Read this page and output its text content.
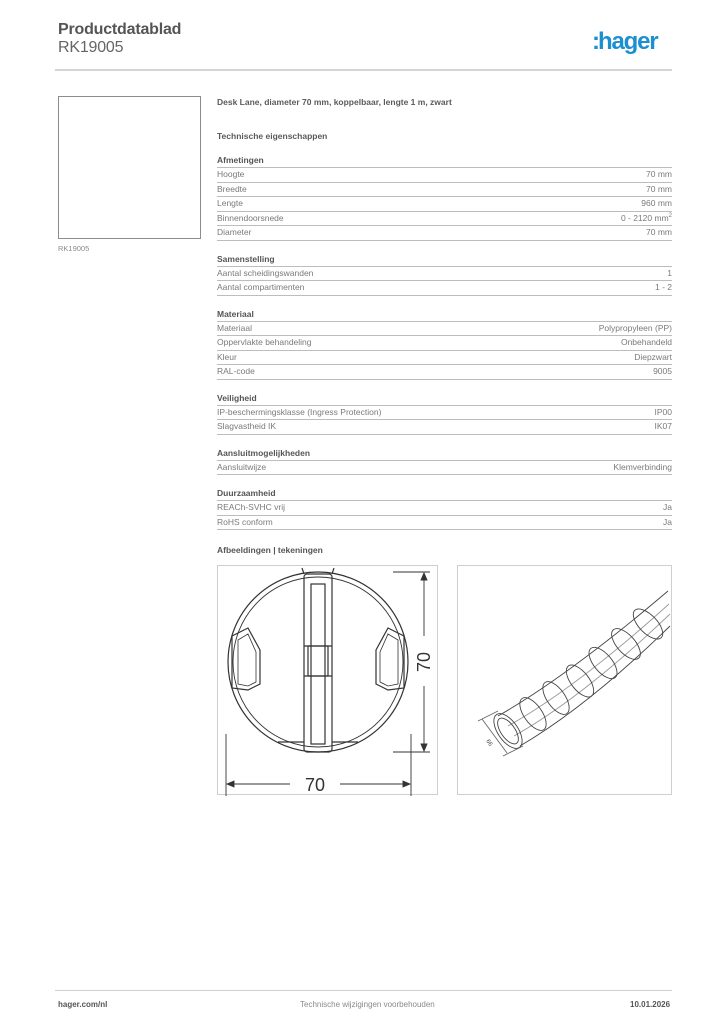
Productdatablad
RK19005	:hager
RK19005
Desk Lane, diameter 70 mm, koppelbaar, lengte 1 m, zwart
Technische eigenschappen
Afmetingen
Hoogte	70 mm
Breedte	70 mm
Lengte	960 mm
Binnendoorsnede	0 - 2120 $mm^2$
Diameter	70 mm
Samenstelling
Aantal scheidingswanden	1
Aantal compartimenten	1 - 2
Materiaal
Materiaal	Polypropyleen (PP)
Oppervlakte behandeling	Onbehandeld
Kleur	Diepzwart
RAL-code	9005
Veiligheid
IP-beschermingsklasse (Ingress Protection)	IP00
Slagvastheid IK	IK07
Aansluitmogelijkheden
Aansluitwijze	Klemverbinding
Duurzaamheid
REACh-SVHC vrij	Ja
RoHS conform	Ja
Afbeeldingen | tekeningen
70
70
66
hager.com/nl	Technische wijzigingen voorbehouden	10.01.2026
